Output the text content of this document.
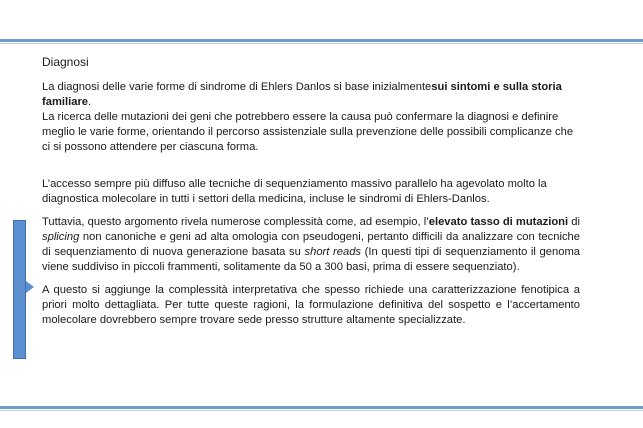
Diagnosi

La diagnosi delle varie forme di sindrome di Ehlers Danlos si base inizialmentesui sintomi e sulla storia familiare.

La ricerca delle mutazioni dei geni che potrebbero essere la causa può confermare la diagnosi e definire meglio le varie forme, orientando il percorso assistenziale sulla prevenzione delle possibili complicanze che ci si possono attendere per ciascuna forma.

L’accesso sempre più diffuso alle tecniche di sequenziamento massivo parallelo ha agevolato molto la diagnostica molecolare in tutti i settori della medicina, incluse le sindromi di Ehlers-Danlos.

Tuttavia, questo argomento rivela numerose complessità come, ad esempio, l’elevato tasso di mutazioni di splicing non canoniche e geni ad alta omologia con pseudogeni, pertanto difficili da analizzare con tecniche di sequenziamento di nuova generazione basata su short reads (In questi tipi di sequenziamento il genoma viene suddiviso in piccoli frammenti, solitamente da 50 a 300 basi, prima di essere sequenziato).

A questo si aggiunge la complessità interpretativa che spesso richiede una caratterizzazione fenotipica a priori molto dettagliata. Per tutte queste ragioni, la formulazione definitiva del sospetto e l’accertamento molecolare dovrebbero sempre trovare sede presso strutture altamente specializzate.
